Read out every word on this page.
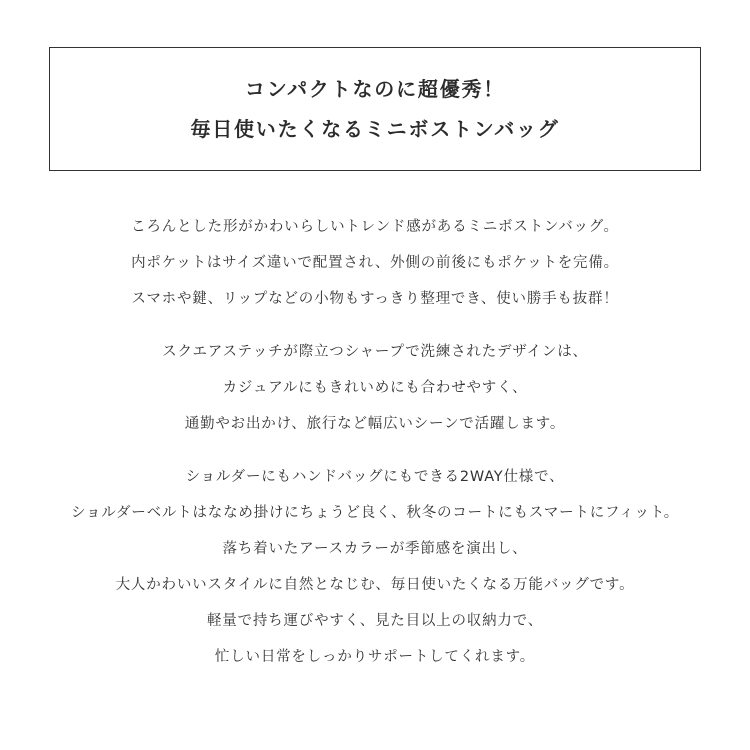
コンパクトなのに超優秀！
毎日使いたくなるミニボストンバッグ
ころんとした形がかわいらしいトレンド感があるミニボストンバッグ。
内ポケットはサイズ違いで配置され、外側の前後にもポケットを完備。
スマホや鍵、リップなどの小物もすっきり整理でき、使い勝手も抜群！
スクエアステッチが際立つシャープで洗練されたデザインは、
カジュアルにもきれいめにも合わせやすく、
通勤やお出かけ、旅行など幅広いシーンで活躍します。
ショルダーにもハンドバッグにもできる2WAY仕様で、
ショルダーベルトはななめ掛けにちょうど良く、秋冬のコートにもスマートにフィット。
落ち着いたアースカラーが季節感を演出し、
大人かわいいスタイルに自然となじむ、毎日使いたくなる万能バッグです。
軽量で持ち運びやすく、見た目以上の収納力で、
忙しい日常をしっかりサポートしてくれます。
